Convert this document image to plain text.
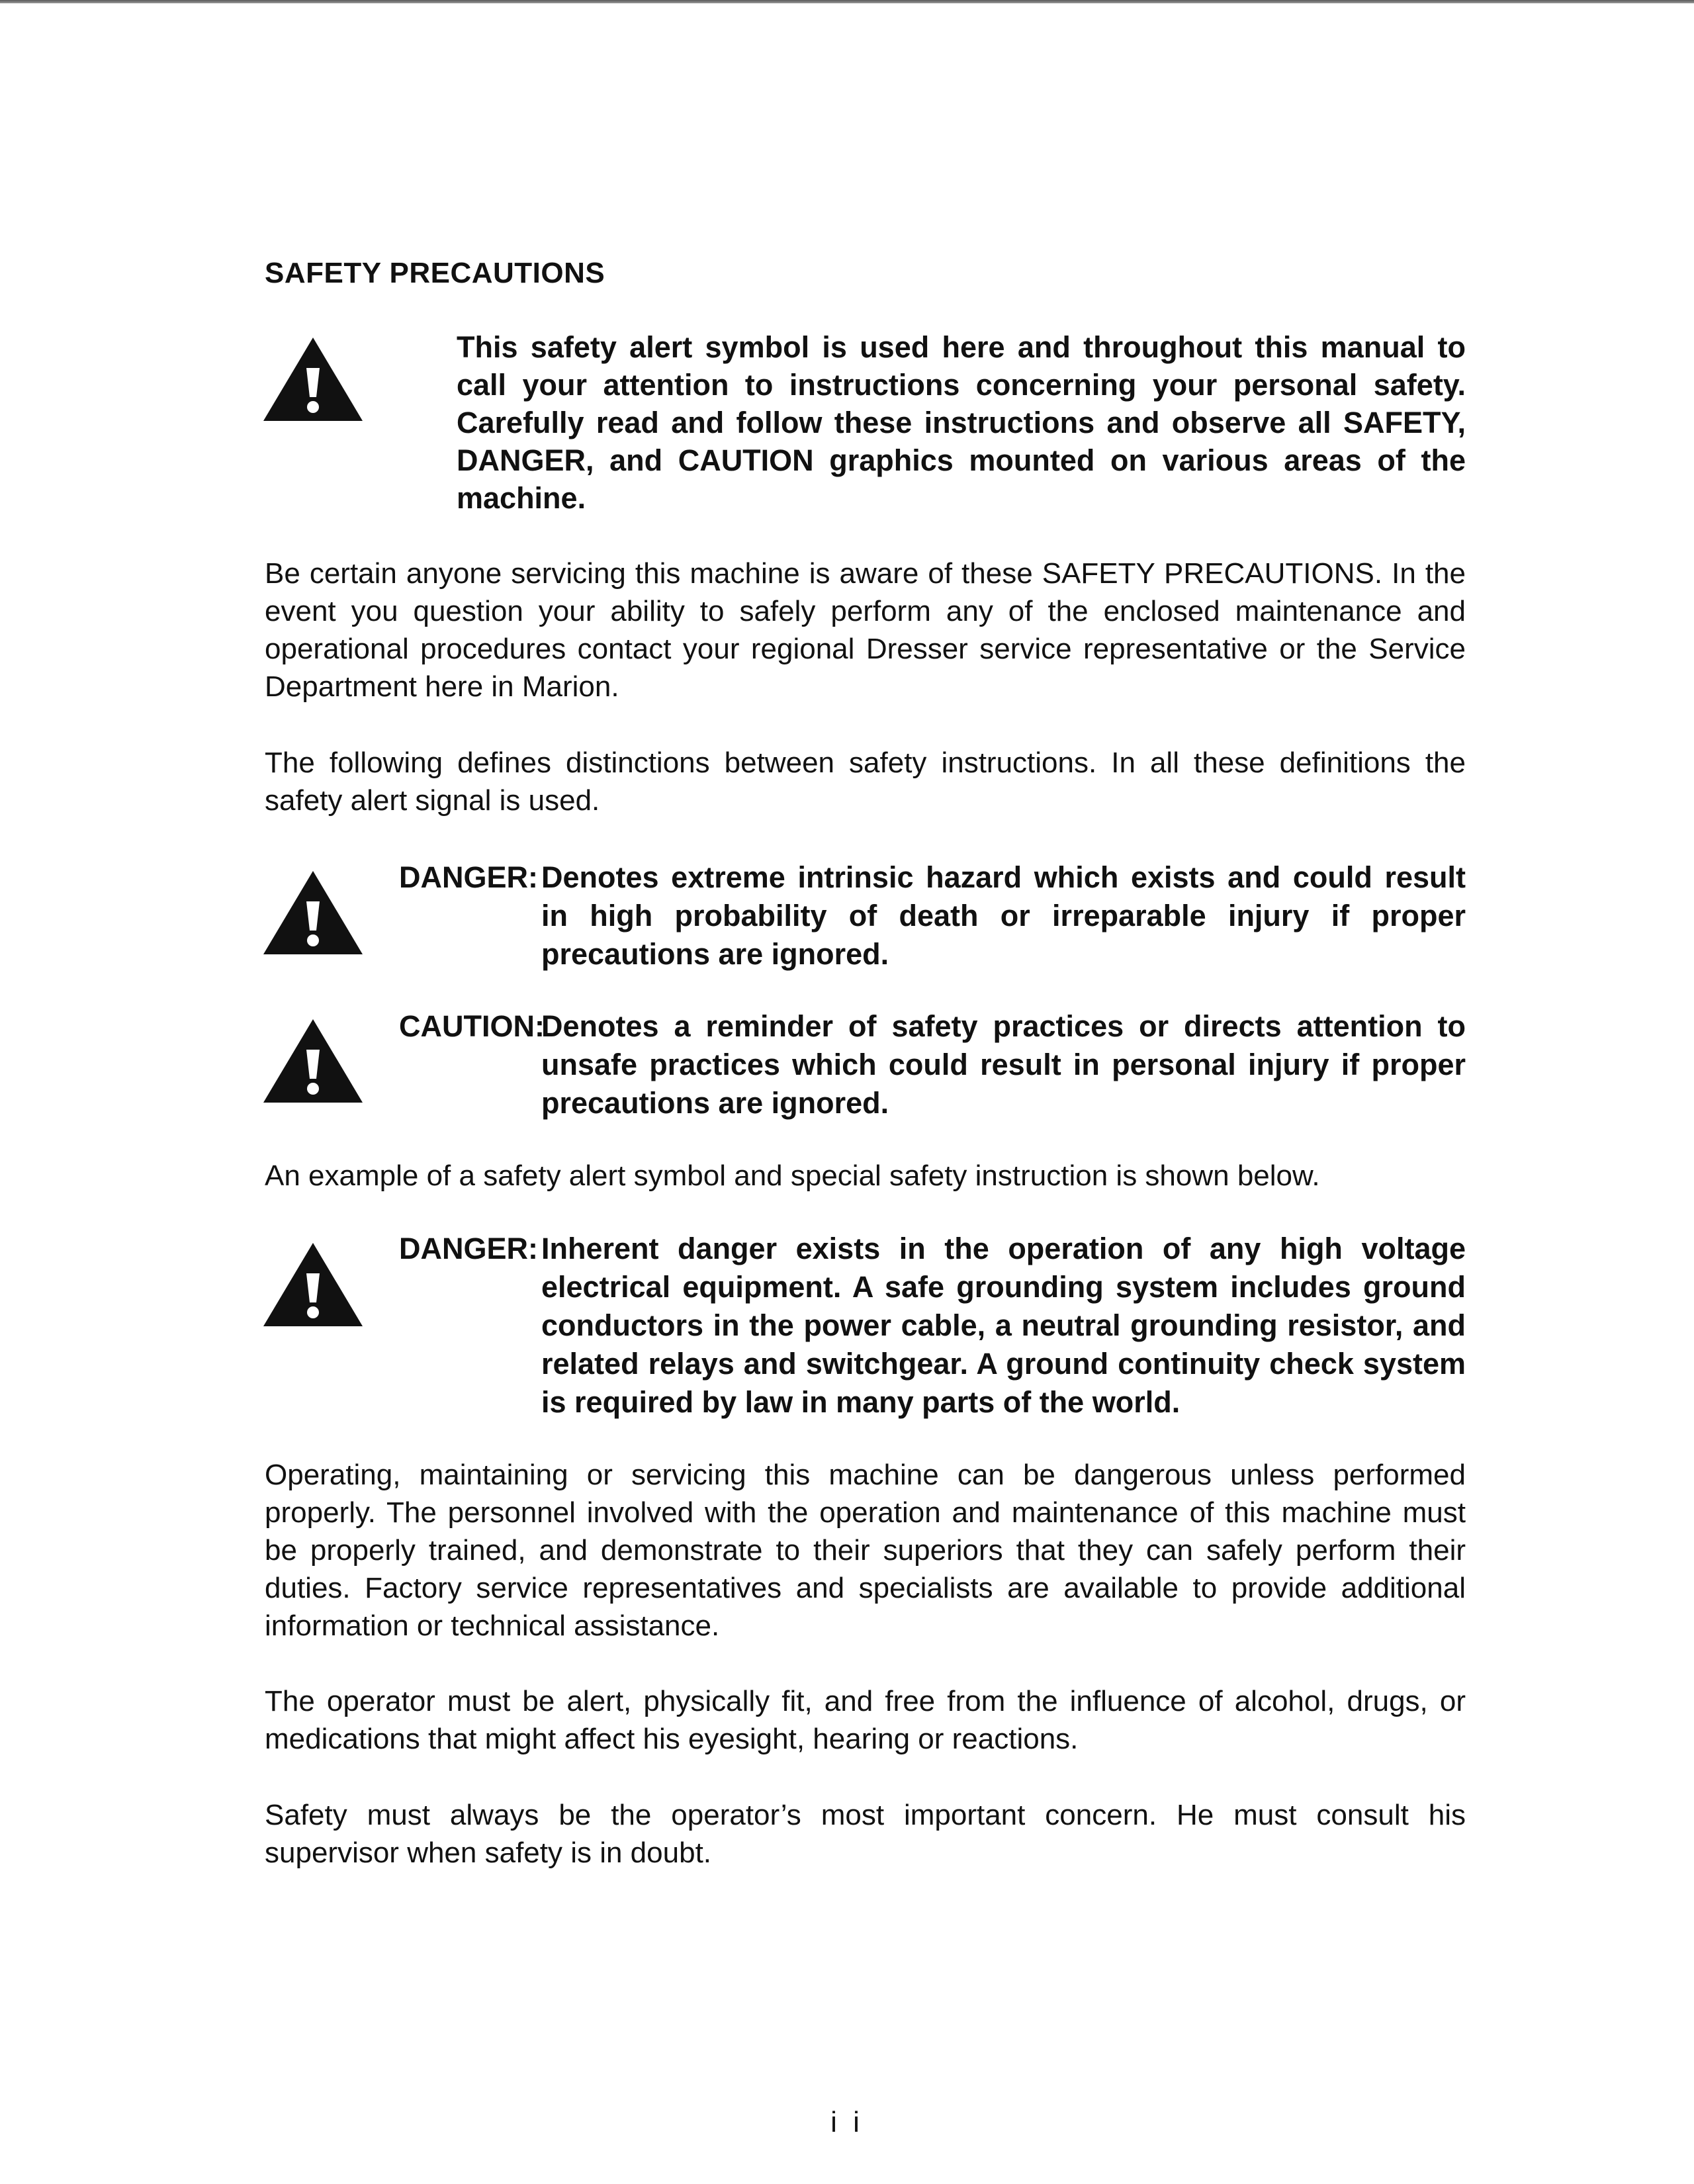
SAFETY PRECAUTIONS
This safety alert symbol is used here and throughout this manual to call your attention to instructions concerning your personal safety. Carefully read and follow these instructions and observe all SAFETY, DANGER, and CAUTION graphics mounted on various areas of the machine.
Be certain anyone servicing this machine is aware of these SAFETY PRECAUTIONS. In the event you question your ability to safely perform any of the enclosed maintenance and operational procedures contact your regional Dresser service representative or the Service Department here in Marion.
The following defines distinctions between safety instructions. In all these definitions the safety alert signal is used.
DANGER: Denotes extreme intrinsic hazard which exists and could result in high probability of death or irreparable injury if proper precautions are ignored.
CAUTION:
Denotes a reminder of safety practices or directs attention to unsafe practices which could result in personal injury if proper precautions are ignored.
An example of a safety alert symbol and special safety instruction is shown below.
DANGER: Inherent danger exists in the operation of any high voltage electrical equipment. A safe grounding system includes ground conductors in the power cable, a neutral grounding resistor, and related relays and switchgear. A ground continuity check system is required by law in many parts of the world.
Operating, maintaining or servicing this machine can be dangerous unless performed properly. The personnel involved with the operation and maintenance of this machine must be properly trained, and demonstrate to their superiors that they can safely perform their duties. Factory service representatives and specialists are available to provide additional information or technical assistance.
The operator must be alert, physically fit, and free from the influence of alcohol, drugs, or medications that might affect his eyesight, hearing or reactions.
Safety must always be the operator’s most important concern. He must consult his supervisor when safety is in doubt.
i i
